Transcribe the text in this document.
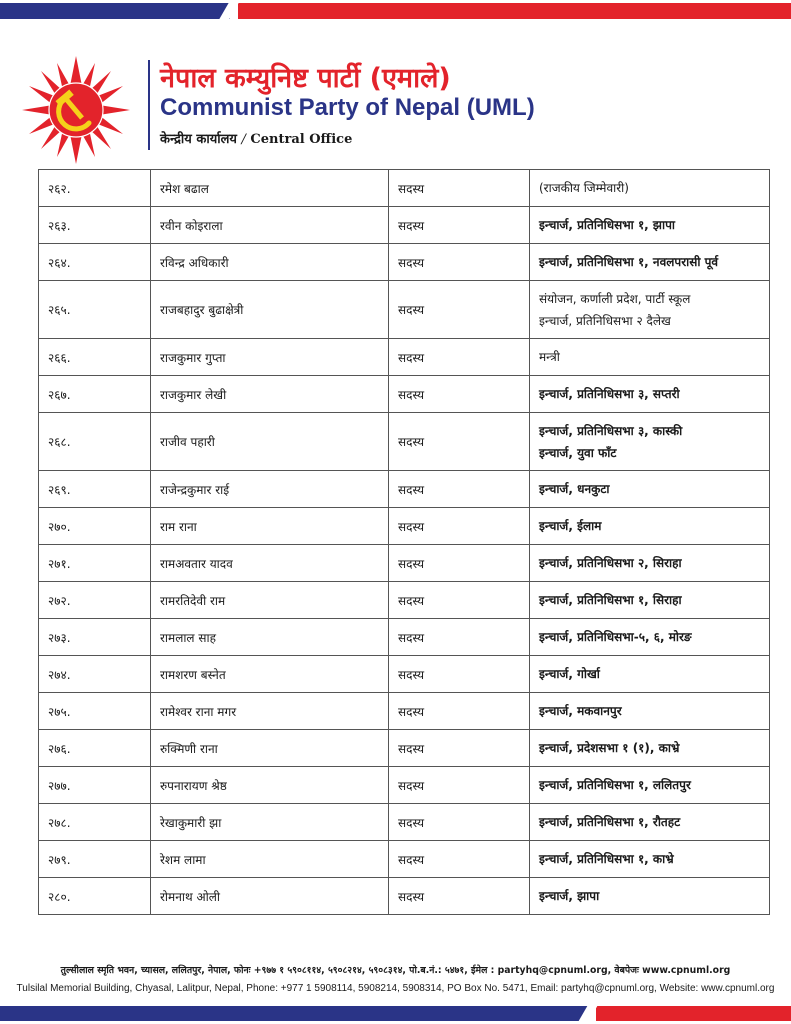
नेपाल कम्युनिष्ट पार्टी (एमाले)
Communist Party of Nepal (UML)
केन्द्रीय कार्यालय / Central Office
२६२.	रमेश बढाल	सदस्य	(राजकीय जिम्मेवारी)

२६३.	रवीन कोइराला	सदस्य	इन्चार्ज, प्रतिनिधिसभा १, झापा

२६४.	रविन्द्र अधिकारी	सदस्य	इन्चार्ज, प्रतिनिधिसभा १, नवलपरासी पूर्व

२६५.	राजबहादुर बुढाक्षेत्री	सदस्य	संयोजन, कर्णाली प्रदेश, पार्टी स्कूल
इन्चार्ज, प्रतिनिधिसभा २ दैलेख

२६६.	राजकुमार गुप्ता	सदस्य	मन्त्री

२६७.	राजकुमार लेखी	सदस्य	इन्चार्ज, प्रतिनिधिसभा ३, सप्तरी

२६८.	राजीव पहारी	सदस्य	इन्चार्ज, प्रतिनिधिसभा ३, कास्की
इन्चार्ज, युवा फाँट

२६९.	राजेन्द्रकुमार राई	सदस्य	इन्चार्ज, धनकुटा

२७०.	राम राना	सदस्य	इन्चार्ज, ईलाम

२७१.	रामअवतार यादव	सदस्य	इन्चार्ज, प्रतिनिधिसभा २, सिराहा

२७२.	रामरतिदेवी राम	सदस्य	इन्चार्ज, प्रतिनिधिसभा १, सिराहा

२७३.	रामलाल साह	सदस्य	इन्चार्ज, प्रतिनिधिसभा-५, ६, मोरङ

२७४.	रामशरण बस्नेत	सदस्य	इन्चार्ज, गोर्खा

२७५.	रामेश्वर राना मगर	सदस्य	इन्चार्ज, मकवानपुर

२७६.	रुक्मिणी राना	सदस्य	इन्चार्ज, प्रदेशसभा १ (१), काभ्रे

२७७.	रुपनारायण श्रेष्ठ	सदस्य	इन्चार्ज, प्रतिनिधिसभा १, ललितपुर

२७८.	रेखाकुमारी झा	सदस्य	इन्चार्ज, प्रतिनिधिसभा १, रौतहट

२७९.	रेशम लामा	सदस्य	इन्चार्ज, प्रतिनिधिसभा १, काभ्रे

२८०.	रोमनाथ ओली	सदस्य	इन्चार्ज, झापा
तुल्सीलाल स्मृति भवन, च्यासल, ललितपुर, नेपाल, फोनः +९७७ १ ५९०८११४, ५९०८२१४, ५९०८३१४, पो.ब.नं.: ५४७१, ईमेल : partyhq@cpnuml.org, वेबपेजः www.cpnuml.org
Tulsilal Memorial Building, Chyasal, Lalitpur, Nepal, Phone: +977 1 5908114, 5908214, 5908314, PO Box No. 5471, Email: partyhq@cpnuml.org, Website: www.cpnuml.org
